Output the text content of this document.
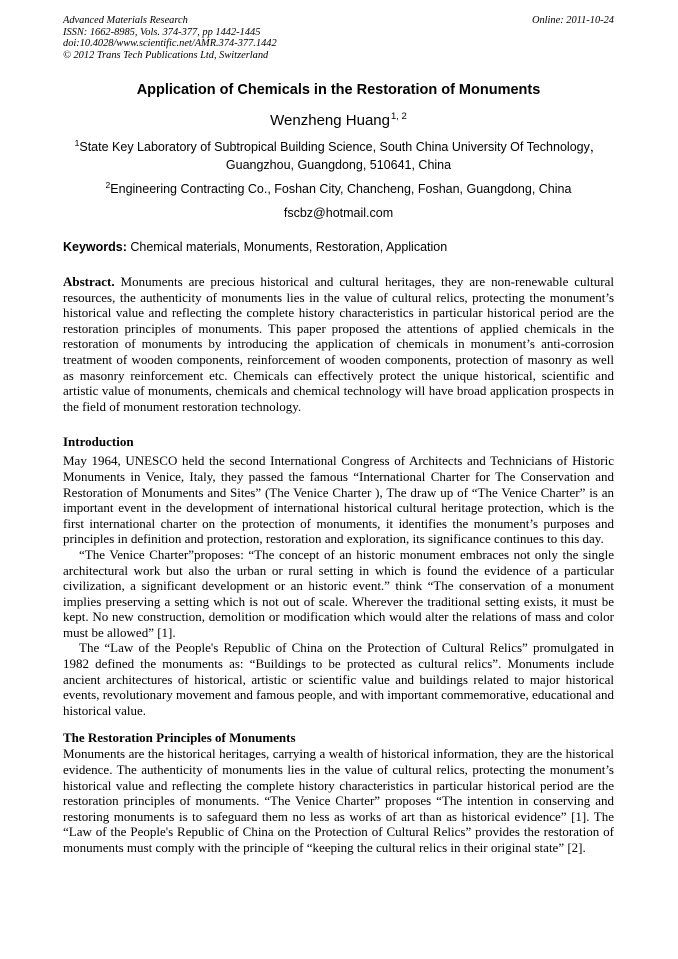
Advanced Materials Research	Online: 2011-10-24
ISSN: 1662-8985, Vols. 374-377, pp 1442-1445
doi:10.4028/www.scientific.net/AMR.374-377.1442
© 2012 Trans Tech Publications Ltd, Switzerland
Application of Chemicals in the Restoration of Monuments
Wenzheng Huang$^{1, 2}$
$^1$State Key Laboratory of Subtropical Building Science, South China University Of Technology，Guangzhou, Guangdong, 510641, China
$^2$Engineering Contracting Co., Foshan City, Chancheng, Foshan, Guangdong, China
fscbz@hotmail.com
Keywords: Chemical materials, Monuments, Restoration, Application
Abstract. Monuments are precious historical and cultural heritages, they are non-renewable cultural resources, the authenticity of monuments lies in the value of cultural relics, protecting the monument’s historical value and reflecting the complete history characteristics in particular historical period are the restoration principles of monuments. This paper proposed the attentions of applied chemicals in the restoration of monuments by introducing the application of chemicals in monument’s anti-corrosion treatment of wooden components, reinforcement of wooden components, protection of masonry as well as masonry reinforcement etc. Chemicals can effectively protect the unique historical, scientific and artistic value of monuments, chemicals and chemical technology will have broad application prospects in the field of monument restoration technology.
Introduction
May 1964, UNESCO held the second International Congress of Architects and Technicians of Historic Monuments in Venice, Italy, they passed the famous “International Charter for The Conservation and Restoration of Monuments and Sites” (The Venice Charter ), The draw up of “The Venice Charter” is an important event in the development of international historical cultural heritage protection, which is the first international charter on the protection of monuments, it identifies the monument’s purposes and principles in definition and protection, restoration and exploration, its significance continues to this day.
“The Venice Charter”proposes: “The concept of an historic monument embraces not only the single architectural work but also the urban or rural setting in which is found the evidence of a particular civilization, a significant development or an historic event.” think “The conservation of a monument implies preserving a setting which is not out of scale. Wherever the traditional setting exists, it must be kept. No new construction, demolition or modification which would alter the relations of mass and color must be allowed” [1].
The “Law of the People's Republic of China on the Protection of Cultural Relics” promulgated in 1982 defined the monuments as: “Buildings to be protected as cultural relics”. Monuments include ancient architectures of historical, artistic or scientific value and buildings related to major historical events, revolutionary movement and famous people, and with important commemorative, educational and historical value.
The Restoration Principles of Monuments
Monuments are the historical heritages, carrying a wealth of historical information, they are the historical evidence. The authenticity of monuments lies in the value of cultural relics, protecting the monument’s historical value and reflecting the complete history characteristics in particular historical period are the restoration principles of monuments. “The Venice Charter” proposes “The intention in conserving and restoring monuments is to safeguard them no less as works of art than as historical evidence” [1]. The “Law of the People's Republic of China on the Protection of Cultural Relics” provides the restoration of monuments must comply with the principle of “keeping the cultural relics in their original state” [2].
